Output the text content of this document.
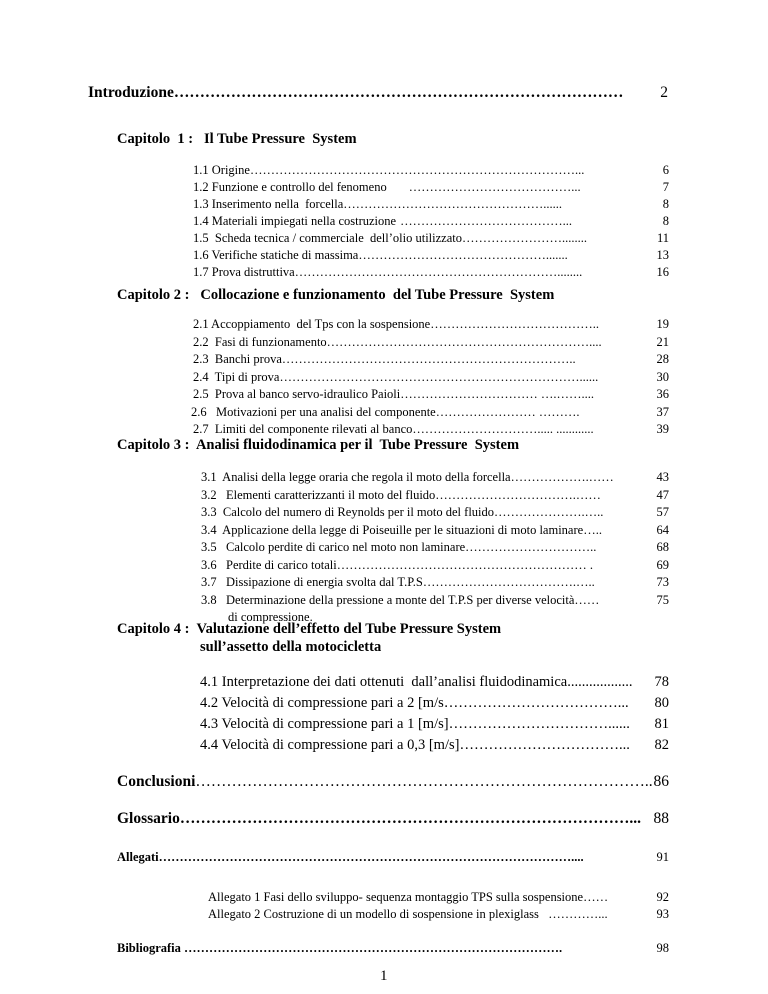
Introduzione ……………………………………………………………………………	2
Capitolo  1 :   Il Tube Pressure  System
1.1 Origine ……………………………………………………………………...	6
1.2 Funzione e controllo del fenomeno …………………………………...	7
1.3 Inserimento nella  forcella …………………………………………......	8
1.4 Materiali impiegati nella costruzione …………………………………...	8
1.5  Scheda tecnica / commerciale  dell’olio utilizzato ……………………........	11
1.6 Verifiche statiche di massima ……………………………………….......	13
1.7 Prova distruttiva ………………………………………………………........	16
Capitolo 2 :   Collocazione e funzionamento  del Tube Pressure  System
2.1 Accoppiamento  del Tps con la sospensione …………………………………..	19
2.2  Fasi di funzionamento ………………………………………………………....	21
2.3  Banchi prova ……………………………………………………………..	28
2.4  Tipi di prova ………………………………………………………………......	30
2.5  Prova al banco servo-idraulico Paioli …………………………… ….……....	36
2.6   Motivazioni per una analisi del componente …………………… ……….	37
2.7  Limiti del componente rilevati al banco …………………………..... ............	39
Capitolo 3 :  Analisi fluidodinamica per il  Tube Pressure  System
3.1  Analisi della legge oraria che regola il moto della forcella ……………….……	43
3.2   Elementi caratterizzanti il moto del fluido …………………………….……	47
3.3  Calcolo del numero di Reynolds per il moto del fluido ………………….…..	57
3.4  Applicazione della legge di Poiseuille per le situazioni di moto laminare …..	64
3.5   Calcolo perdite di carico nel moto non laminare …………………………..	68
3.6   Perdite di carico totali …………………………………………………… .	69
3.7   Dissipazione di energia svolta dal T.P.S ……………………………….…..	73
3.8   Determinazione della pressione a monte del T.P.S per diverse velocità ……	75
di compressione.
Capitolo 4 :  Valutazione dell’effetto del Tube Pressure System
sull’assetto della motocicletta
4.1 Interpretazione dei dati ottenuti  dall’analisi fluidodinamica ..................	78
4.2 Velocità di compressione pari a 2 [m/s ………………………………...	80
4.3 Velocità di compressione pari a 1 [m/s] ……………………………......	81
4.4 Velocità di compressione pari a 0,3 [m/s] ……………………………...	82
Conclusioni …………………………………………………………………………….. 86
Glossario ……………………………………………………………………………... 88
Allegati ………………………………………………………………………………………....	91
Allegato 1 Fasi dello sviluppo- sequenza montaggio TPS sulla sospensione ……	92
Allegato 2 Costruzione di un modello di sospensione in plexiglass …………...	93
Bibliografia ……………………………………………………………………………….	98
1
